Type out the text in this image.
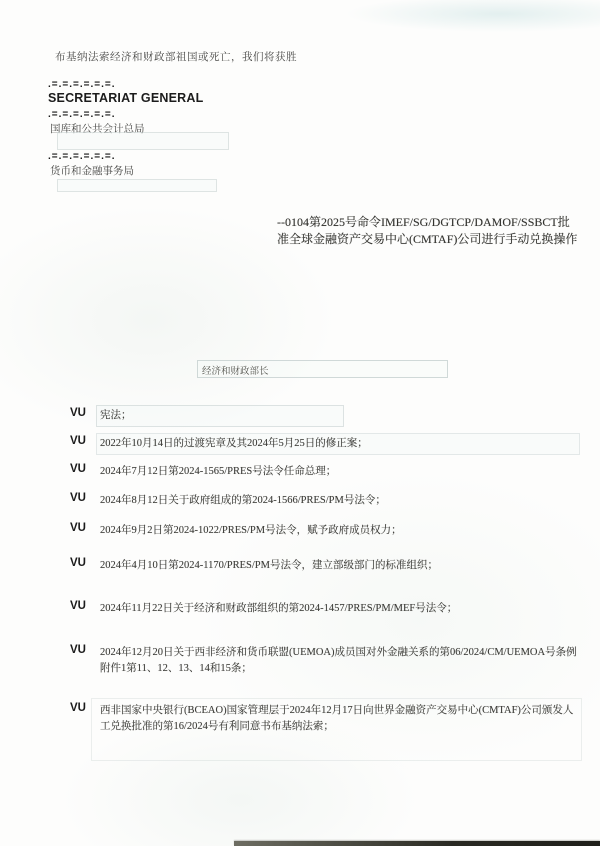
布基纳法索经济和财政部祖国或死亡，我们将获胜
.=.=.=.=.=.=.
SECRETARIAT GENERAL
.=.=.=.=.=.=.
国库和公共会计总局
.=.=.=.=.=.=.
货币和金融事务局
--0104第2025号命令IMEF/SG/DGTCP/DAMOF/SSBCT批准全球金融资产交易中心(CMTAF)公司进行手动兑换操作
经济和财政部长
VU 宪法；
VU 2022年10月14日的过渡宪章及其2024年5月25日的修正案；
VU 2024年7月12日第2024-1565/PRES号法令任命总理；
VU 2024年8月12日关于政府组成的第2024-1566/PRES/PM号法令；
VU 2024年9月2日第2024-1022/PRES/PM号法令，赋予政府成员权力；
VU 2024年4月10日第2024-1170/PRES/PM号法令，建立部级部门的标准组织；
VU 2024年11月22日关于经济和财政部组织的第2024-1457/PRES/PM/MEF号法令；
VU 2024年12月20日关于西非经济和货币联盟(UEMOA)成员国对外金融关系的第06/2024/CM/UEMOA号条例附件1第11、12、13、14和15条；
VU 西非国家中央银行(BCEAO)国家管理层于2024年12月17日向世界金融资产交易中心(CMTAF)公司颁发人工兑换批准的第16/2024号有利同意书布基纳法索；
